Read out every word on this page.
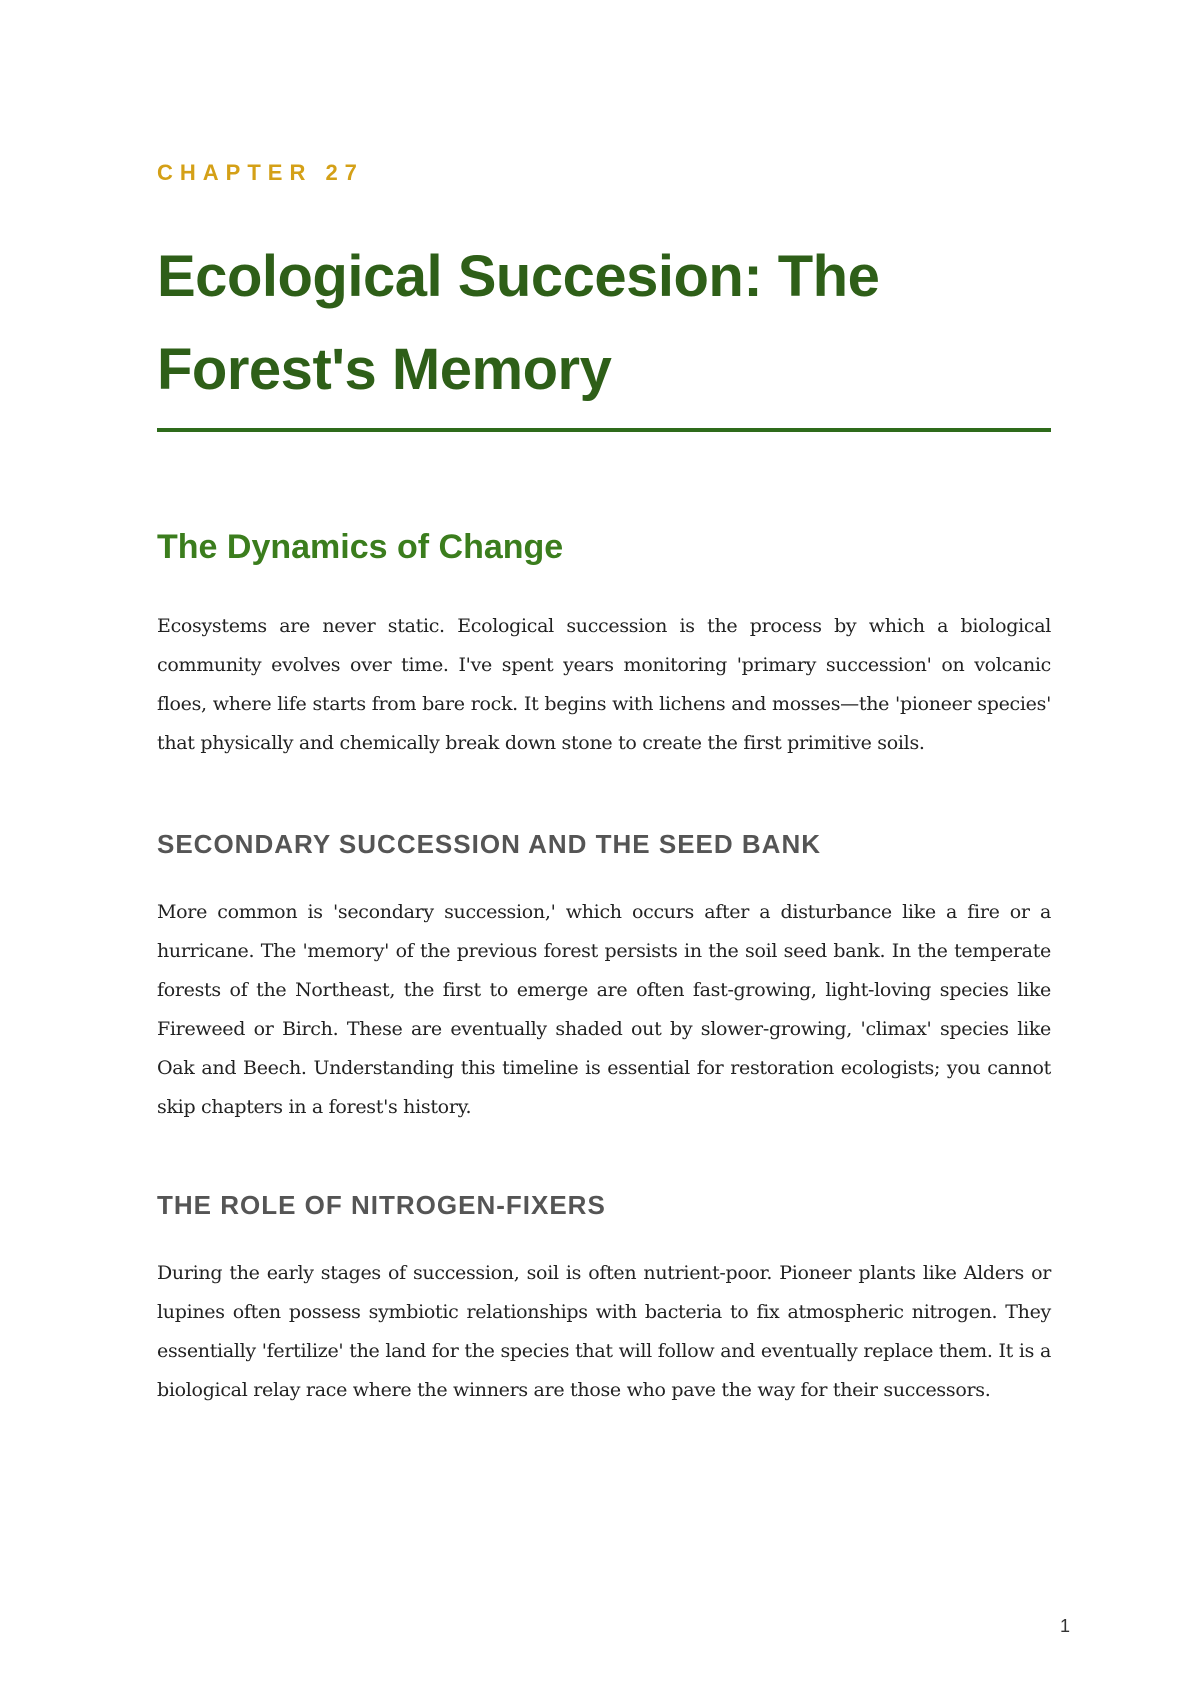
CHAPTER 27
Ecological Succesion: The Forest's Memory
The Dynamics of Change

Ecosystems are never static. Ecological succession is the process by which a biological community evolves over time. I've spent years monitoring 'primary succession' on volcanic floes, where life starts from bare rock. It begins with lichens and mosses—the 'pioneer species' that physically and chemically break down stone to create the first primitive soils.

SECONDARY SUCCESSION AND THE SEED BANK

More common is 'secondary succession,' which occurs after a disturbance like a fire or a hurricane. The 'memory' of the previous forest persists in the soil seed bank. In the temperate forests of the Northeast, the first to emerge are often fast-growing, light-loving species like Fireweed or Birch. These are eventually shaded out by slower-growing, 'climax' species like Oak and Beech. Understanding this timeline is essential for restoration ecologists; you cannot skip chapters in a forest's history.

THE ROLE OF NITROGEN-FIXERS

During the early stages of succession, soil is often nutrient-poor. Pioneer plants like Alders or lupines often possess symbiotic relationships with bacteria to fix atmospheric nitrogen. They essentially 'fertilize' the land for the species that will follow and eventually replace them. It is a biological relay race where the winners are those who pave the way for their successors.

1
